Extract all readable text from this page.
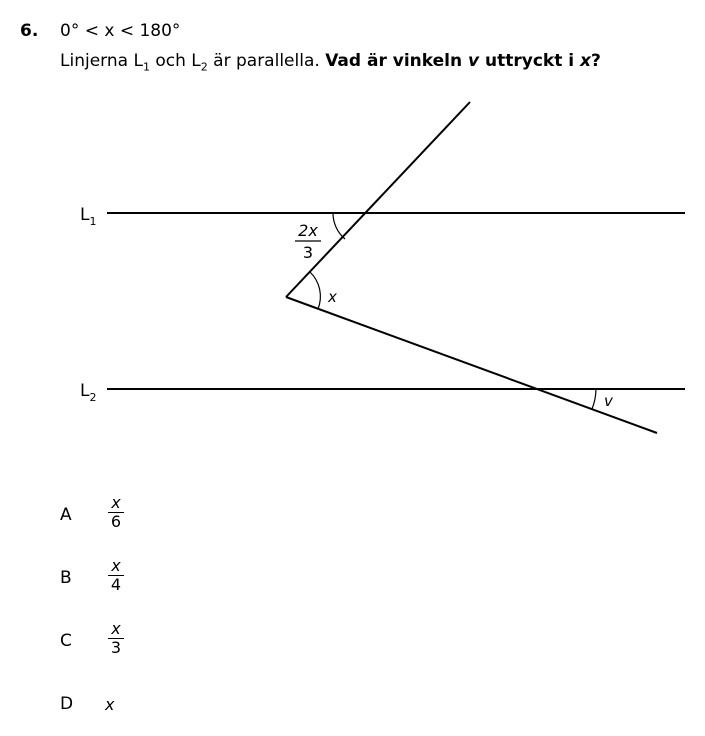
6. 0° < x < 180°
Linjerna $L_1$ och $L_2$ är parallella. Vad är vinkeln v uttryckt i x?
$L_1$
$L_2$
2x
3
x
v
A $\frac{x}{6}$
B $\frac{x}{4}$
C $\frac{x}{3}$
D x
